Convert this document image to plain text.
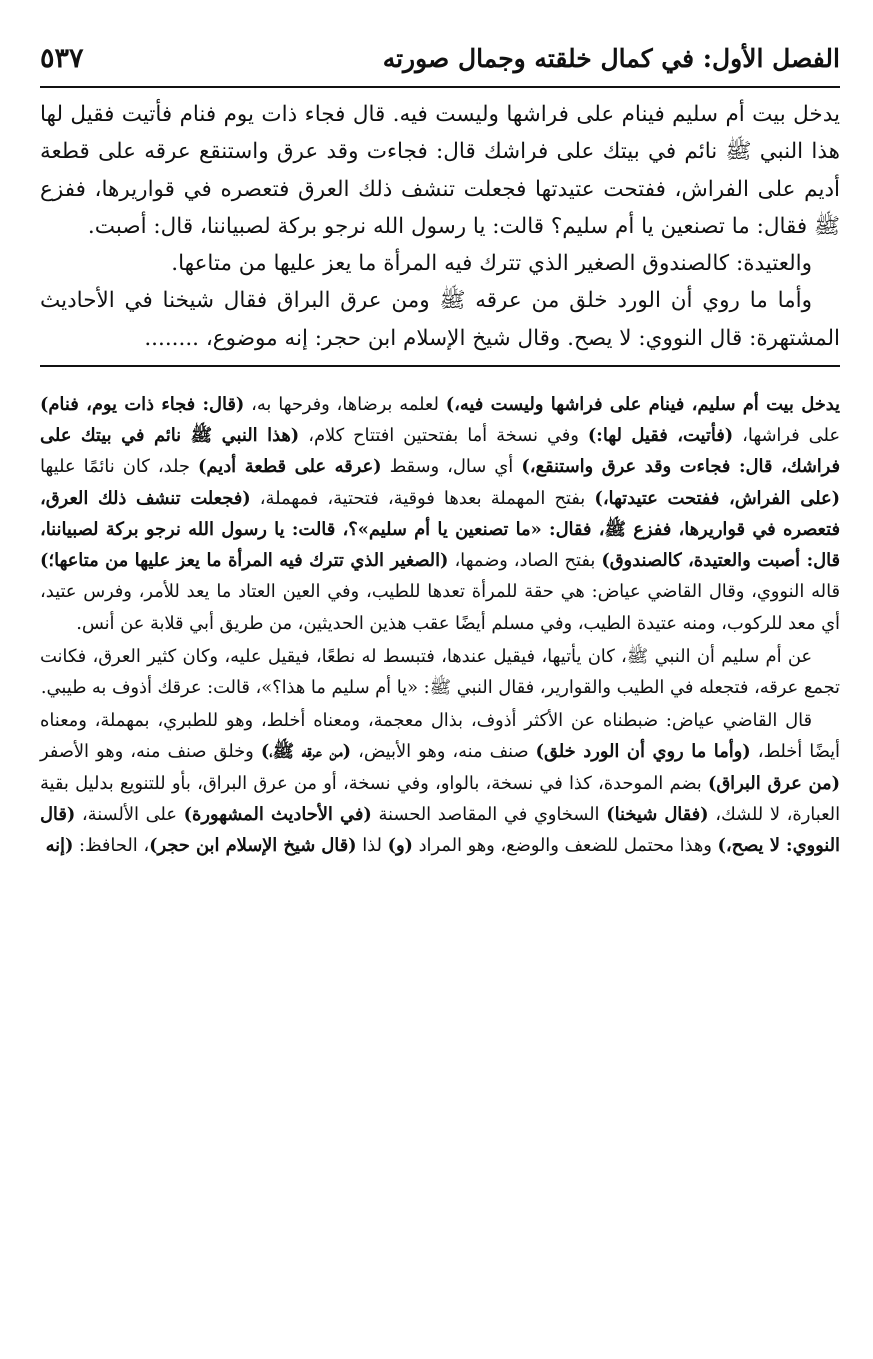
الفصل الأول: في كمال خلقته وجمال صورته
٥٣٧

يدخل بيت أم سليم فينام على فراشها وليست فيه. قال فجاء ذات يوم فنام فأتيت فقيل لها هذا النبي ﷺ نائم في بيتك على فراشك قال: فجاءت وقد عرق واستنقع عرقه على قطعة أديم على الفراش، ففتحت عتيدتها فجعلت تنشف ذلك العرق فتعصره في قواريرها، ففزع ﷺ فقال: ما تصنعين يا أم سليم؟ قالت: يا رسول الله نرجو بركة لصبياننا، قال: أصبت.

والعتيدة: كالصندوق الصغير الذي تترك فيه المرأة ما يعز عليها من متاعها.

وأما ما روي أن الورد خلق من عرقه ﷺ ومن عرق البراق فقال شيخنا في الأحاديث المشتهرة: قال النووي: لا يصح. وقال شيخ الإسلام ابن حجر: إنه موضوع، ........

يدخل بيت أم سليم، فينام على فراشها وليست فيه،) لعلمه برضاها، وفرحها به، (قال: فجاء ذات يوم، فنام) على فراشها، (فأتيت، فقيل لها:) وفي نسخة أما بفتحتين افتتاح كلام، (هذا النبي ﷺ نائم في بيتك على فراشك، قال: فجاءت وقد عرق واستنقع،) أي سال، وسقط (عرقه على قطعة أديم) جلد، كان نائمًا عليها (على الفراش، ففتحت عتيدتها،) بفتح المهملة بعدها فوقية، فتحتية، فمهملة، (فجعلت تنشف ذلك العرق، فتعصره في قواريرها، ففزع ﷺ، فقال: «ما تصنعين يا أم سليم»؟، قالت: يا رسول الله نرجو بركة لصبياننا، قال: أصبت والعتيدة، كالصندوق) بفتح الصاد، وضمها، (الصغير الذي تترك فيه المرأة ما يعز عليها من متاعها؛) قاله النووي، وقال القاضي عياض: هي حقة للمرأة تعدها للطيب، وفي العين العتاد ما يعد للأمر، وفرس عتيد، أي معد للركوب، ومنه عتيدة الطيب، وفي مسلم أيضًا عقب هذين الحديثين، من طريق أبي قلابة عن أنس.

عن أم سليم أن النبي ﷺ، كان يأتيها، فيقيل عندها، فتبسط له نطعًا، فيقيل عليه، وكان كثير العرق، فكانت تجمع عرقه، فتجعله في الطيب والقوارير، فقال النبي ﷺ: «يا أم سليم ما هذا؟»، قالت: عرقك أذوف به طيبي.

قال القاضي عياض: ضبطناه عن الأكثر أذوف، بذال معجمة، ومعناه أخلط، وهو للطبري، بمهملة، ومعناه أيضًا أخلط، (وأما ما روي أن الورد خلق) صنف منه، وهو الأبيض، (من عرقه ﷺ،) وخلق صنف منه، وهو الأصفر (من عرق البراق) بضم الموحدة، كذا في نسخة، بالواو، وفي نسخة، أو من عرق البراق، بأو للتنويع بدليل بقية العبارة، لا للشك، (فقال شيخنا) السخاوي في المقاصد الحسنة (في الأحاديث المشهورة) على الألسنة، (قال النووي: لا يصح،) وهذا محتمل للضعف والوضع، وهو المراد (و) لذا (قال شيخ الإسلام ابن حجر)، الحافظ: (إنه
